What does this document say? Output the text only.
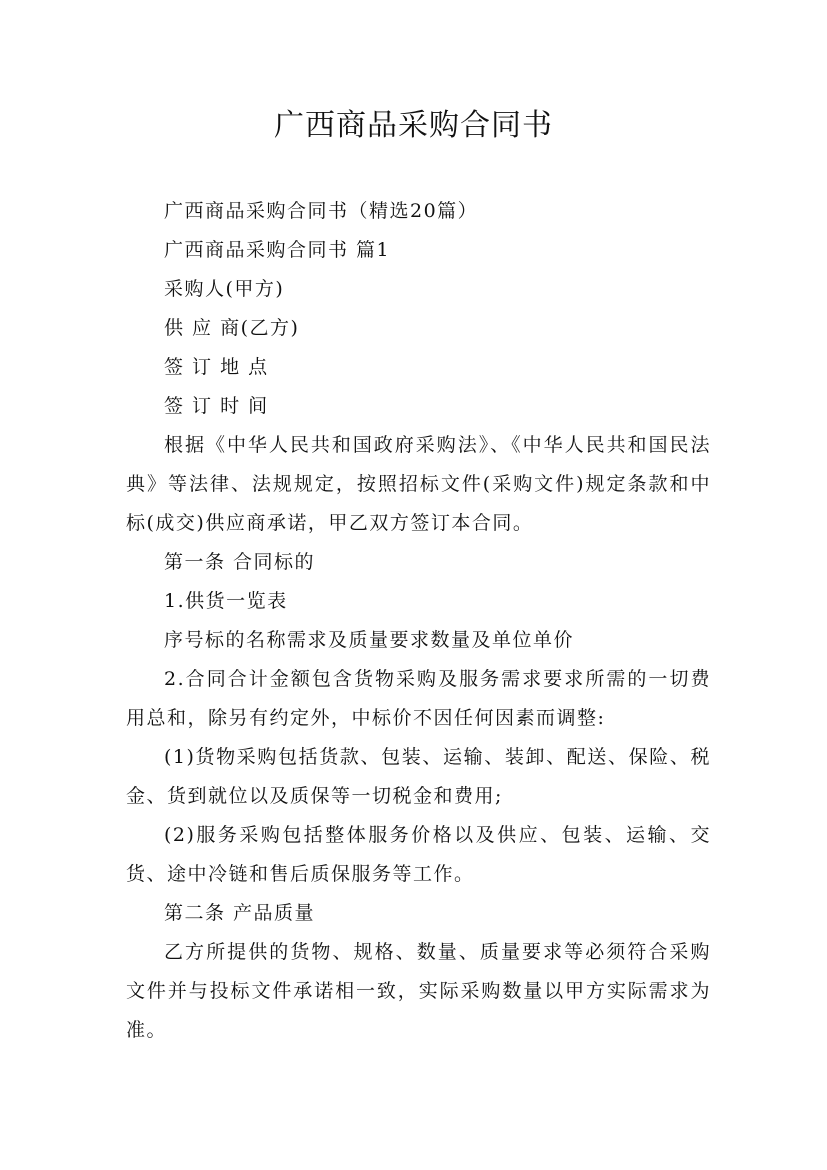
广西商品采购合同书

广西商品采购合同书（精选20篇）

广西商品采购合同书 篇1

采购人(甲方)

供 应 商(乙方)

签 订 地 点

签 订 时 间

根据《中华人民共和国政府采购法》、《中华人民共和国民法典》等法律、法规规定，按照招标文件(采购文件)规定条款和中标(成交)供应商承诺，甲乙双方签订本合同。

第一条 合同标的

1.供货一览表

序号标的名称需求及质量要求数量及单位单价

2.合同合计金额包含货物采购及服务需求要求所需的一切费用总和，除另有约定外，中标价不因任何因素而调整:

(1)货物采购包括货款、包装、运输、装卸、配送、保险、税金、货到就位以及质保等一切税金和费用;

(2)服务采购包括整体服务价格以及供应、包装、运输、交货、途中冷链和售后质保服务等工作。

第二条 产品质量

乙方所提供的货物、规格、数量、质量要求等必须符合采购文件并与投标文件承诺相一致，实际采购数量以甲方实际需求为准。
